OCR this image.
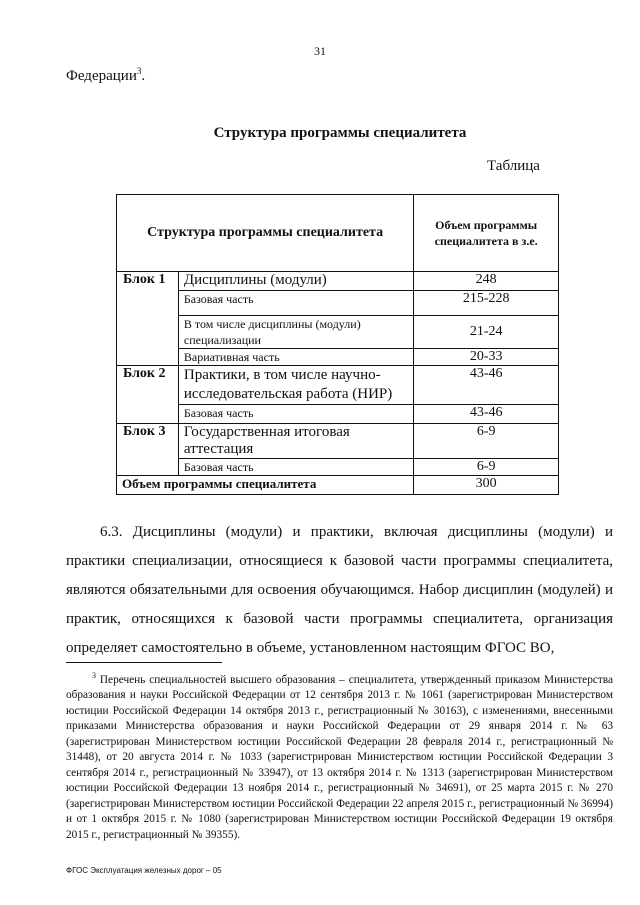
31
Федерации$^3$.
Структура программы специалитета
Таблица
Структура программы специалитета		Объем программы специалитета в з.е.
Блок 1	Дисциплины (модули)	248
	Базовая часть	215-228
	В том числе дисциплины (модули) специализации	21-24
	Вариативная часть	20-33
Блок 2	Практики, в том числе научно-исследовательская работа (НИР)	43-46
	Базовая часть	43-46
Блок 3	Государственная итоговая аттестация	6-9
	Базовая часть	6-9
Объем программы специалитета		300
6.3. Дисциплины (модули) и практики, включая дисциплины (модули) и практики специализации, относящиеся к базовой части программы специалитета, являются обязательными для освоения обучающимся. Набор дисциплин (модулей) и практик, относящихся к базовой части программы специалитета, организация определяет самостоятельно в объеме, установленном настоящим ФГОС ВО,
$^3$ Перечень специальностей высшего образования – специалитета, утвержденный приказом Министерства образования и науки Российской Федерации от 12 сентября 2013 г. № 1061 (зарегистрирован Министерством юстиции Российской Федерации 14 октября 2013 г., регистрационный № 30163), с изменениями, внесенными приказами Министерства образования и науки Российской Федерации от 29 января 2014 г. № 63 (зарегистрирован Министерством юстиции Российской Федерации 28 февраля 2014 г., регистрационный № 31448), от 20 августа 2014 г. № 1033 (зарегистрирован Министерством юстиции Российской Федерации 3 сентября 2014 г., регистрационный № 33947), от 13 октября 2014 г. № 1313 (зарегистрирован Министерством юстиции Российской Федерации 13 ноября 2014 г., регистрационный № 34691), от 25 марта 2015 г. № 270 (зарегистрирован Министерством юстиции Российской Федерации 22 апреля 2015 г., регистрационный № 36994) и от 1 октября 2015 г. № 1080 (зарегистрирован Министерством юстиции Российской Федерации 19 октября 2015 г., регистрационный № 39355).
ФГОС Эксплуатация железных дорог – 05
